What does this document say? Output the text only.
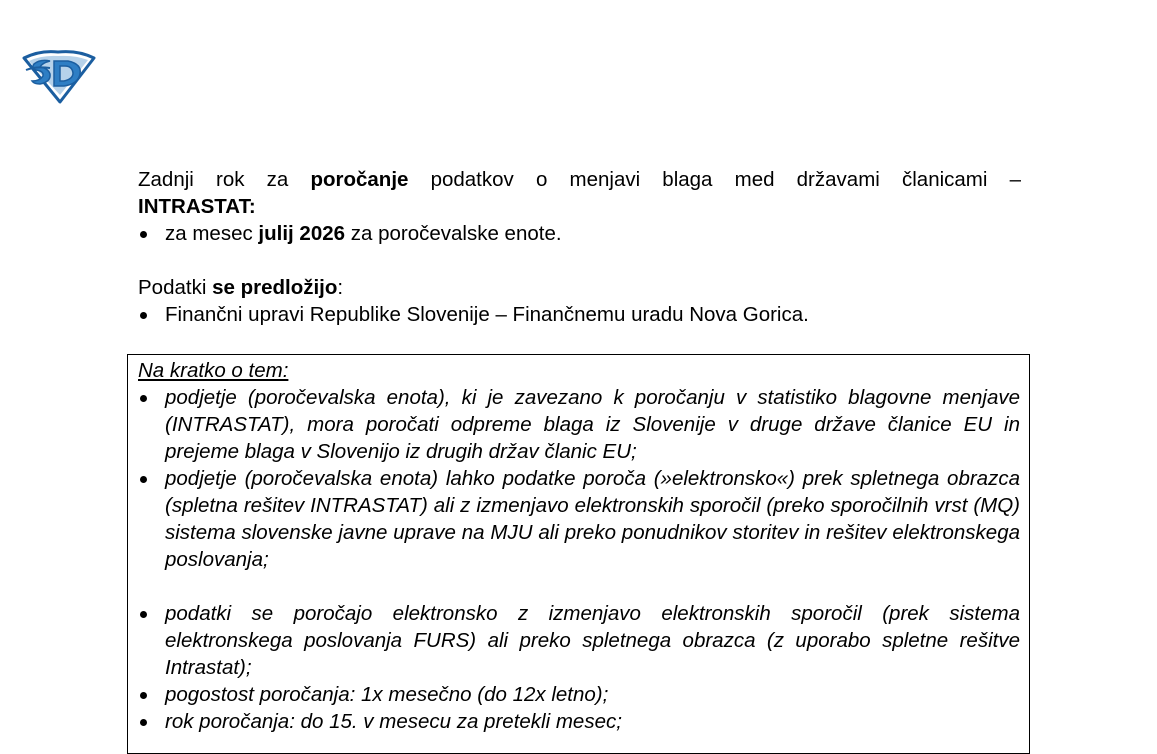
Zadnji rok za poročanje podatkov o menjavi blaga med državami članicami –

INTRASTAT:

za mesec julij 2026 za poročevalske enote.

Podatki se predložijo:

Finančni upravi Republike Slovenije – Finančnemu uradu Nova Gorica.

Na kratko o tem:

podjetje (poročevalska enota), ki je zavezano k poročanju v statistiko blagovne menjave (INTRASTAT), mora poročati odpreme blaga iz Slovenije v druge države članice EU in prejeme blaga v Slovenijo iz drugih držav članic EU;
podjetje (poročevalska enota) lahko podatke poroča (»elektronsko«) prek spletnega obrazca (spletna rešitev INTRASTAT) ali z izmenjavo elektronskih sporočil (preko sporočilnih vrst (MQ) sistema slovenske javne uprave na MJU ali preko ponudnikov storitev in rešitev elektronskega poslovanja;
podatki se poročajo elektronsko z izmenjavo elektronskih sporočil (prek sistema elektronskega poslovanja FURS) ali preko spletnega obrazca (z uporabo spletne rešitve Intrastat);
pogostost poročanja: 1x mesečno (do 12x letno);
rok poročanja: do 15. v mesecu za pretekli mesec;
